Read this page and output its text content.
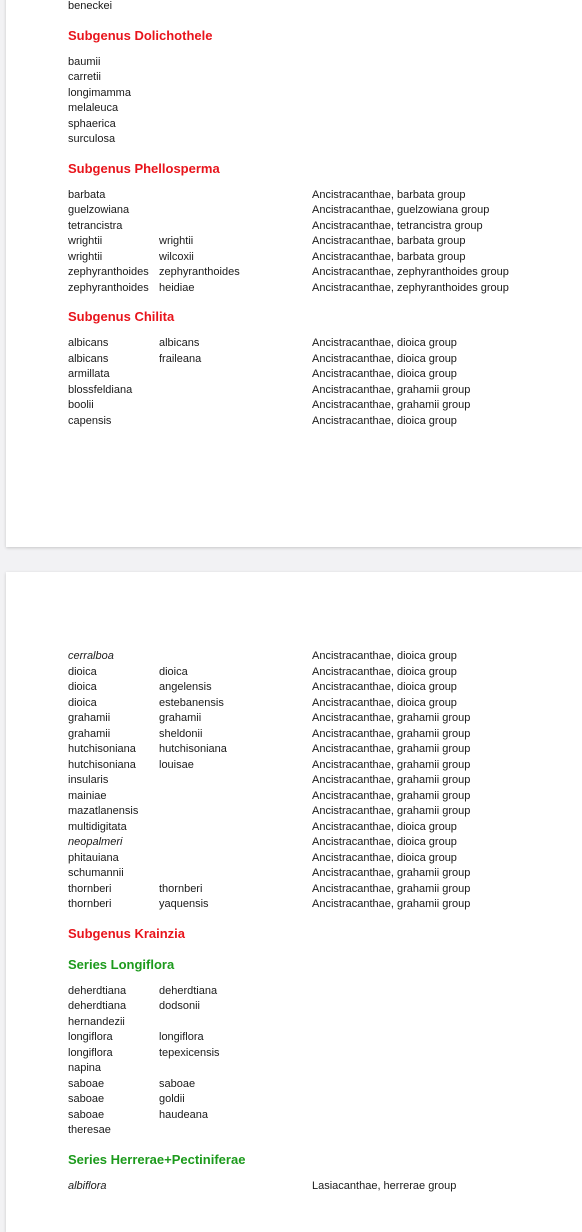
beneckei
Subgenus Dolichothele
baumii
carretii
longimamma
melaleuca
sphaerica
surculosa
Subgenus Phellosperma
barbata	Ancistracanthae, barbata group
guelzowiana	Ancistracanthae, guelzowiana group
tetrancistra	Ancistracanthae, tetrancistra group
wrightii	wrightii	Ancistracanthae, barbata group
wrightii	wilcoxii	Ancistracanthae, barbata group
zephyranthoides zephyranthoides	Ancistracanthae, zephyranthoides group
zephyranthoides heidiae	Ancistracanthae, zephyranthoides group
Subgenus Chilita
albicans	albicans	Ancistracanthae, dioica group
albicans	fraileana	Ancistracanthae, dioica group
armillata	Ancistracanthae, dioica group
blossfeldiana	Ancistracanthae, grahamii group
boolii	Ancistracanthae, grahamii group
capensis	Ancistracanthae, dioica group
cerralboa	Ancistracanthae, dioica group
dioica	dioica	Ancistracanthae, dioica group
dioica	angelensis	Ancistracanthae, dioica group
dioica	estebanensis	Ancistracanthae, dioica group
grahamii	grahamii	Ancistracanthae, grahamii group
grahamii	sheldonii	Ancistracanthae, grahamii group
hutchisoniana hutchisoniana	Ancistracanthae, grahamii group
hutchisoniana louisae	Ancistracanthae, grahamii group
insularis	Ancistracanthae, grahamii group
mainiae	Ancistracanthae, grahamii group
mazatlanensis	Ancistracanthae, grahamii group
multidigitata	Ancistracanthae, dioica group
neopalmeri	Ancistracanthae, dioica group
phitauiana	Ancistracanthae, dioica group
schumannii	Ancistracanthae, grahamii group
thornberi	thornberi	Ancistracanthae, grahamii group
thornberi	yaquensis	Ancistracanthae, grahamii group
Subgenus Krainzia
Series Longiflora
deherdtiana	deherdtiana
deherdtiana	dodsonii
hernandezii
longiflora	longiflora
longiflora	tepexicensis
napina
saboae	saboae
saboae	goldii
saboae	haudeana
theresae
Series Herrerae+Pectiniferae
albiflora	Lasiacanthae, herrerae group
